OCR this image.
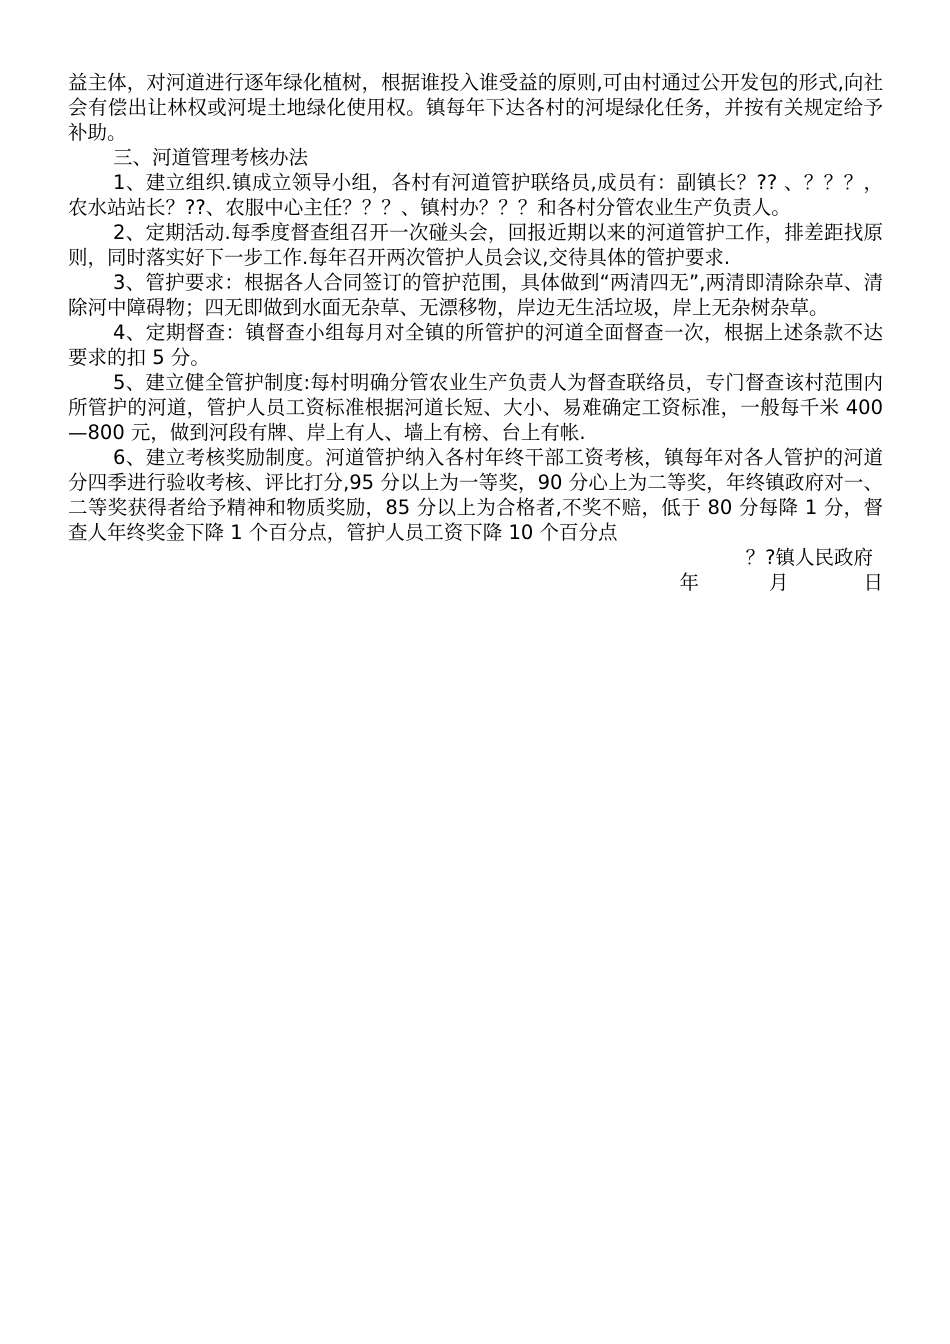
益主体，对河道进行逐年绿化植树，根据谁投入谁受益的原则,可由村通过公开发包的形式,向社会有偿出让林权或河堤土地绿化使用权。镇每年下达各村的河堤绿化任务，并按有关规定给予补助。

三、河道管理考核办法

1、建立组织.镇成立领导小组，各村有河道管护联络员,成员有：副镇长？?? 、？？？，农水站站长？??、农服中心主任？？？、镇村办？？？和各村分管农业生产负责人。

2、定期活动.每季度督查组召开一次碰头会，回报近期以来的河道管护工作，排差距找原则，同时落实好下一步工作.每年召开两次管护人员会议,交待具体的管护要求.

3、管护要求：根据各人合同签订的管护范围，具体做到“两清四无”,两清即清除杂草、清除河中障碍物；四无即做到水面无杂草、无漂移物，岸边无生活垃圾，岸上无杂树杂草。

4、定期督查：镇督查小组每月对全镇的所管护的河道全面督查一次，根据上述条款不达要求的扣 5 分。

5、建立健全管护制度:每村明确分管农业生产负责人为督查联络员，专门督查该村范围内所管护的河道，管护人员工资标准根据河道长短、大小、易难确定工资标准，一般每千米 400—800 元，做到河段有牌、岸上有人、墙上有榜、台上有帐.

6、建立考核奖励制度。河道管护纳入各村年终干部工资考核，镇每年对各人管护的河道分四季进行验收考核、评比打分,95 分以上为一等奖，90 分心上为二等奖，年终镇政府对一、二等奖获得者给予精神和物质奖励，85 分以上为合格者,不奖不赔，低于 80 分每降 1 分，督查人年终奖金下降 1 个百分点，管护人员工资下降 10 个百分点

？?镇人民政府

年	月	日
